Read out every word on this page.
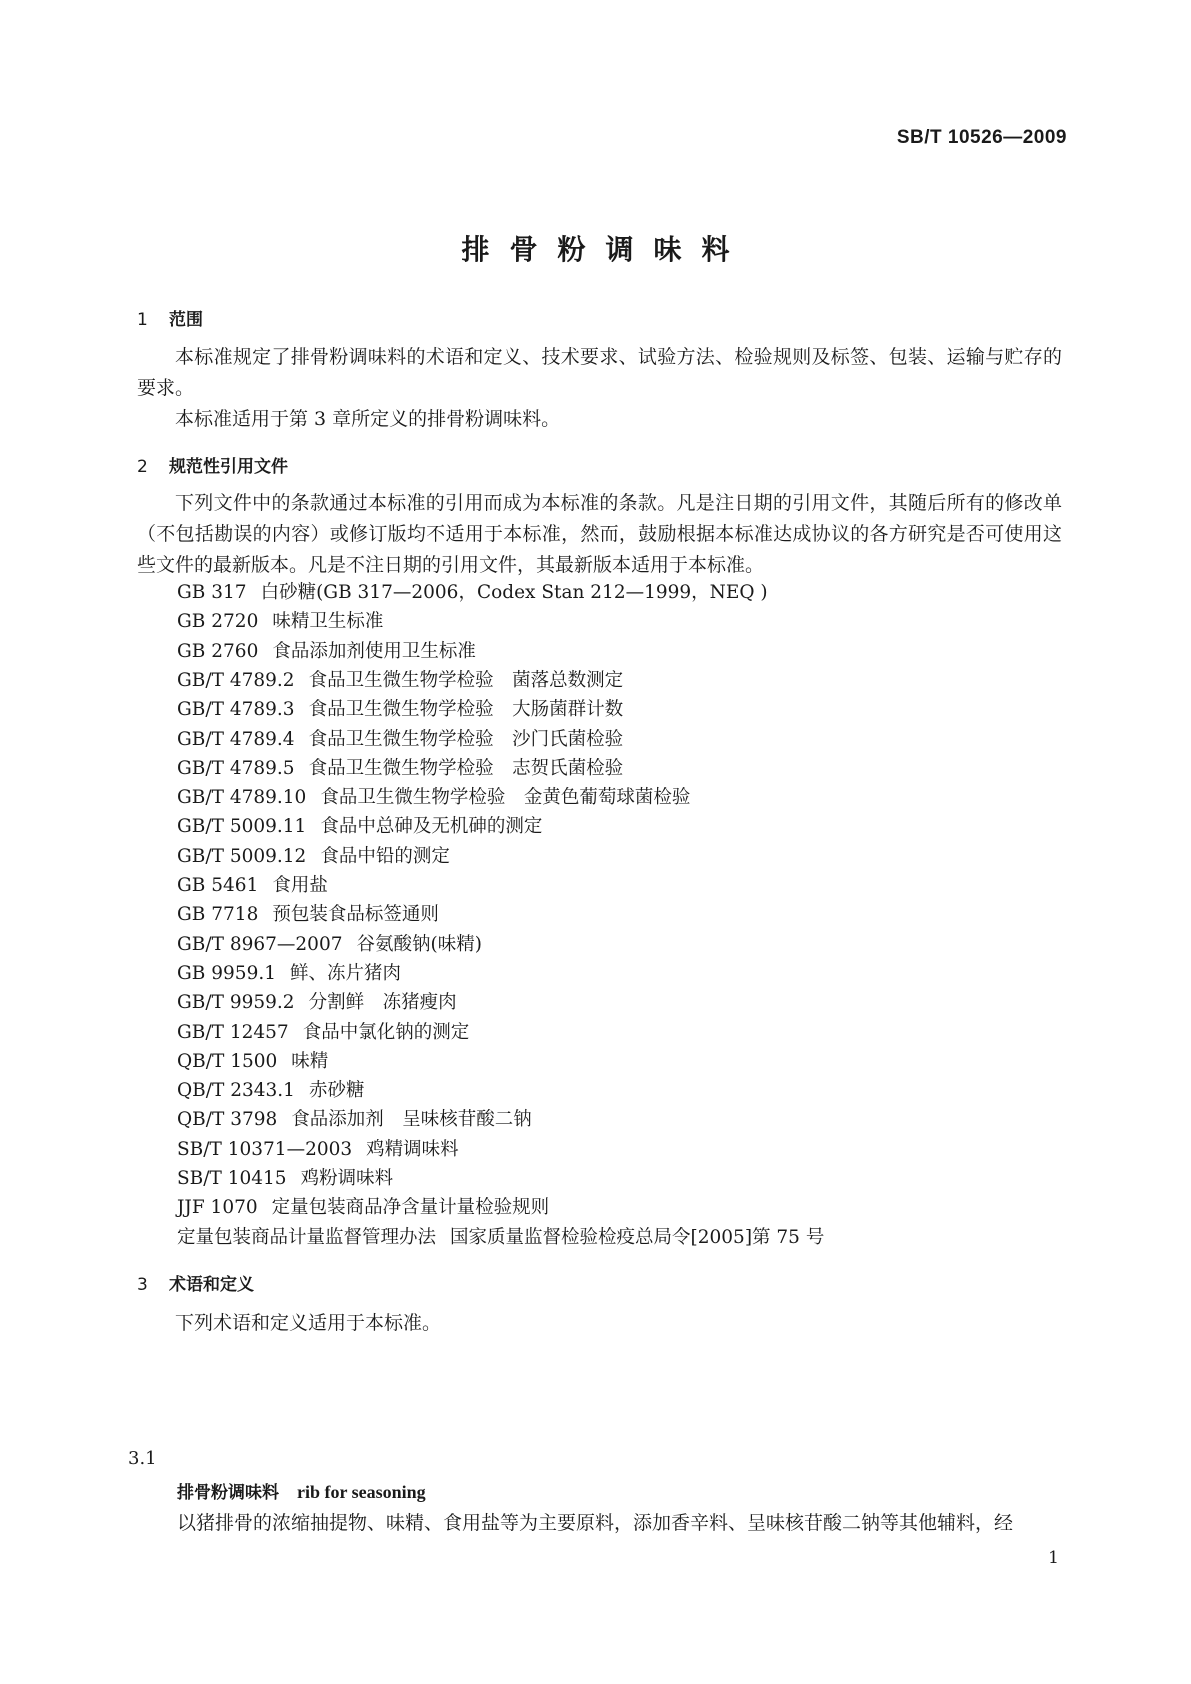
SB/T 10526—2009
排骨粉调味料
1 范围

本标准规定了排骨粉调味料的术语和定义、技术要求、试验方法、检验规则及标签、包装、运输与贮存的要求。

本标准适用于第 3 章所定义的排骨粉调味料。

2 规范性引用文件

下列文件中的条款通过本标准的引用而成为本标准的条款。凡是注日期的引用文件，其随后所有的修改单（不包括勘误的内容）或修订版均不适用于本标准，然而，鼓励根据本标准达成协议的各方研究是否可使用这些文件的最新版本。凡是不注日期的引用文件，其最新版本适用于本标准。

GB 317 白砂糖(GB 317—2006，Codex Stan 212—1999，NEQ )
GB 2720 味精卫生标准
GB 2760 食品添加剂使用卫生标准
GB/T 4789.2 食品卫生微生物学检验　菌落总数测定
GB/T 4789.3 食品卫生微生物学检验　大肠菌群计数
GB/T 4789.4 食品卫生微生物学检验　沙门氏菌检验
GB/T 4789.5 食品卫生微生物学检验　志贺氏菌检验
GB/T 4789.10 食品卫生微生物学检验　金黄色葡萄球菌检验
GB/T 5009.11 食品中总砷及无机砷的测定
GB/T 5009.12 食品中铅的测定
GB 5461 食用盐
GB 7718 预包装食品标签通则
GB/T 8967—2007 谷氨酸钠(味精)
GB 9959.1 鲜、冻片猪肉
GB/T 9959.2 分割鲜　冻猪瘦肉
GB/T 12457 食品中氯化钠的测定
QB/T 1500 味精
QB/T 2343.1 赤砂糖
QB/T 3798 食品添加剂　呈味核苷酸二钠
SB/T 10371—2003 鸡精调味料
SB/T 10415 鸡粉调味料
JJF 1070 定量包装商品净含量计量检验规则
定量包装商品计量监督管理办法 国家质量监督检验检疫总局令[2005]第 75 号
3 术语和定义

下列术语和定义适用于本标准。

3.1
排骨粉调味料 rib for seasoning
以猪排骨的浓缩抽提物、味精、食用盐等为主要原料，添加香辛料、呈味核苷酸二钠等其他辅料，经
1
